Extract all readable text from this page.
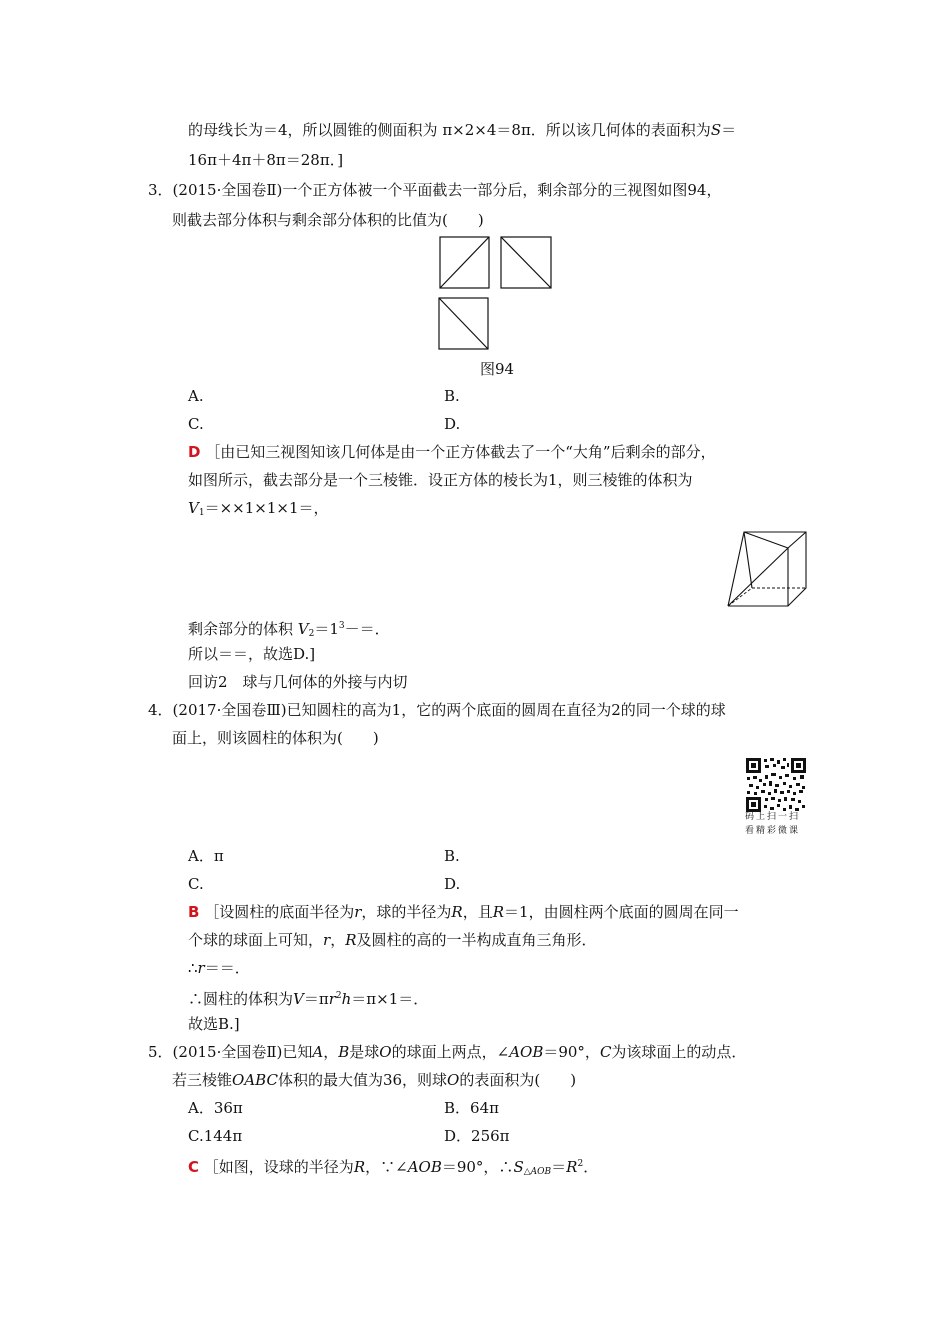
的母线长为＝4，所以圆锥的侧面积为 π×2×4＝8π．所以该几何体的表面积为S＝
16π＋4π＋8π＝28π．]
3．(2015·全国卷Ⅱ)一个正方体被一个平面截去一部分后，剩余部分的三视图如图94，
则截去部分体积与剩余部分体积的比值为(　　)
图94
A.	B.
C.	D.
D ［由已知三视图知该几何体是由一个正方体截去了一个“大角”后剩余的部分，
如图所示，截去部分是一个三棱锥．设正方体的棱长为1，则三棱锥的体积为
$V_1=\times\times 1\times 1\times 1=$，
剩余部分的体积 $V_2=1^3-=$．
所以＝＝，故选D.]
回访2　球与几何体的外接与内切
4．(2017·全国卷Ⅲ)已知圆柱的高为1，它的两个底面的圆周在直径为2的同一个球的球
面上，则该圆柱的体积为(　　)
码上扫一扫
看精彩微课
A．π	B.
C.	D.
B ［设圆柱的底面半径为r，球的半径为R，且R＝1，由圆柱两个底面的圆周在同一
个球的球面上可知，r，R及圆柱的高的一半构成直角三角形．
∴r＝＝．
∴圆柱的体积为$V=\pi r^2h=\pi\times 1=$．
故选B.]
5．(2015·全国卷Ⅱ)已知A，B是球O的球面上两点，∠AOB＝90°，C为该球面上的动点．
若三棱锥OABC体积的最大值为36，则球O的表面积为(　　)
A．36π	B．64π
C.144π	D．256π
C ［如图，设球的半径为R，∵∠AOB＝90°，$\therefore S_{\triangle AOB}=R^2$．
